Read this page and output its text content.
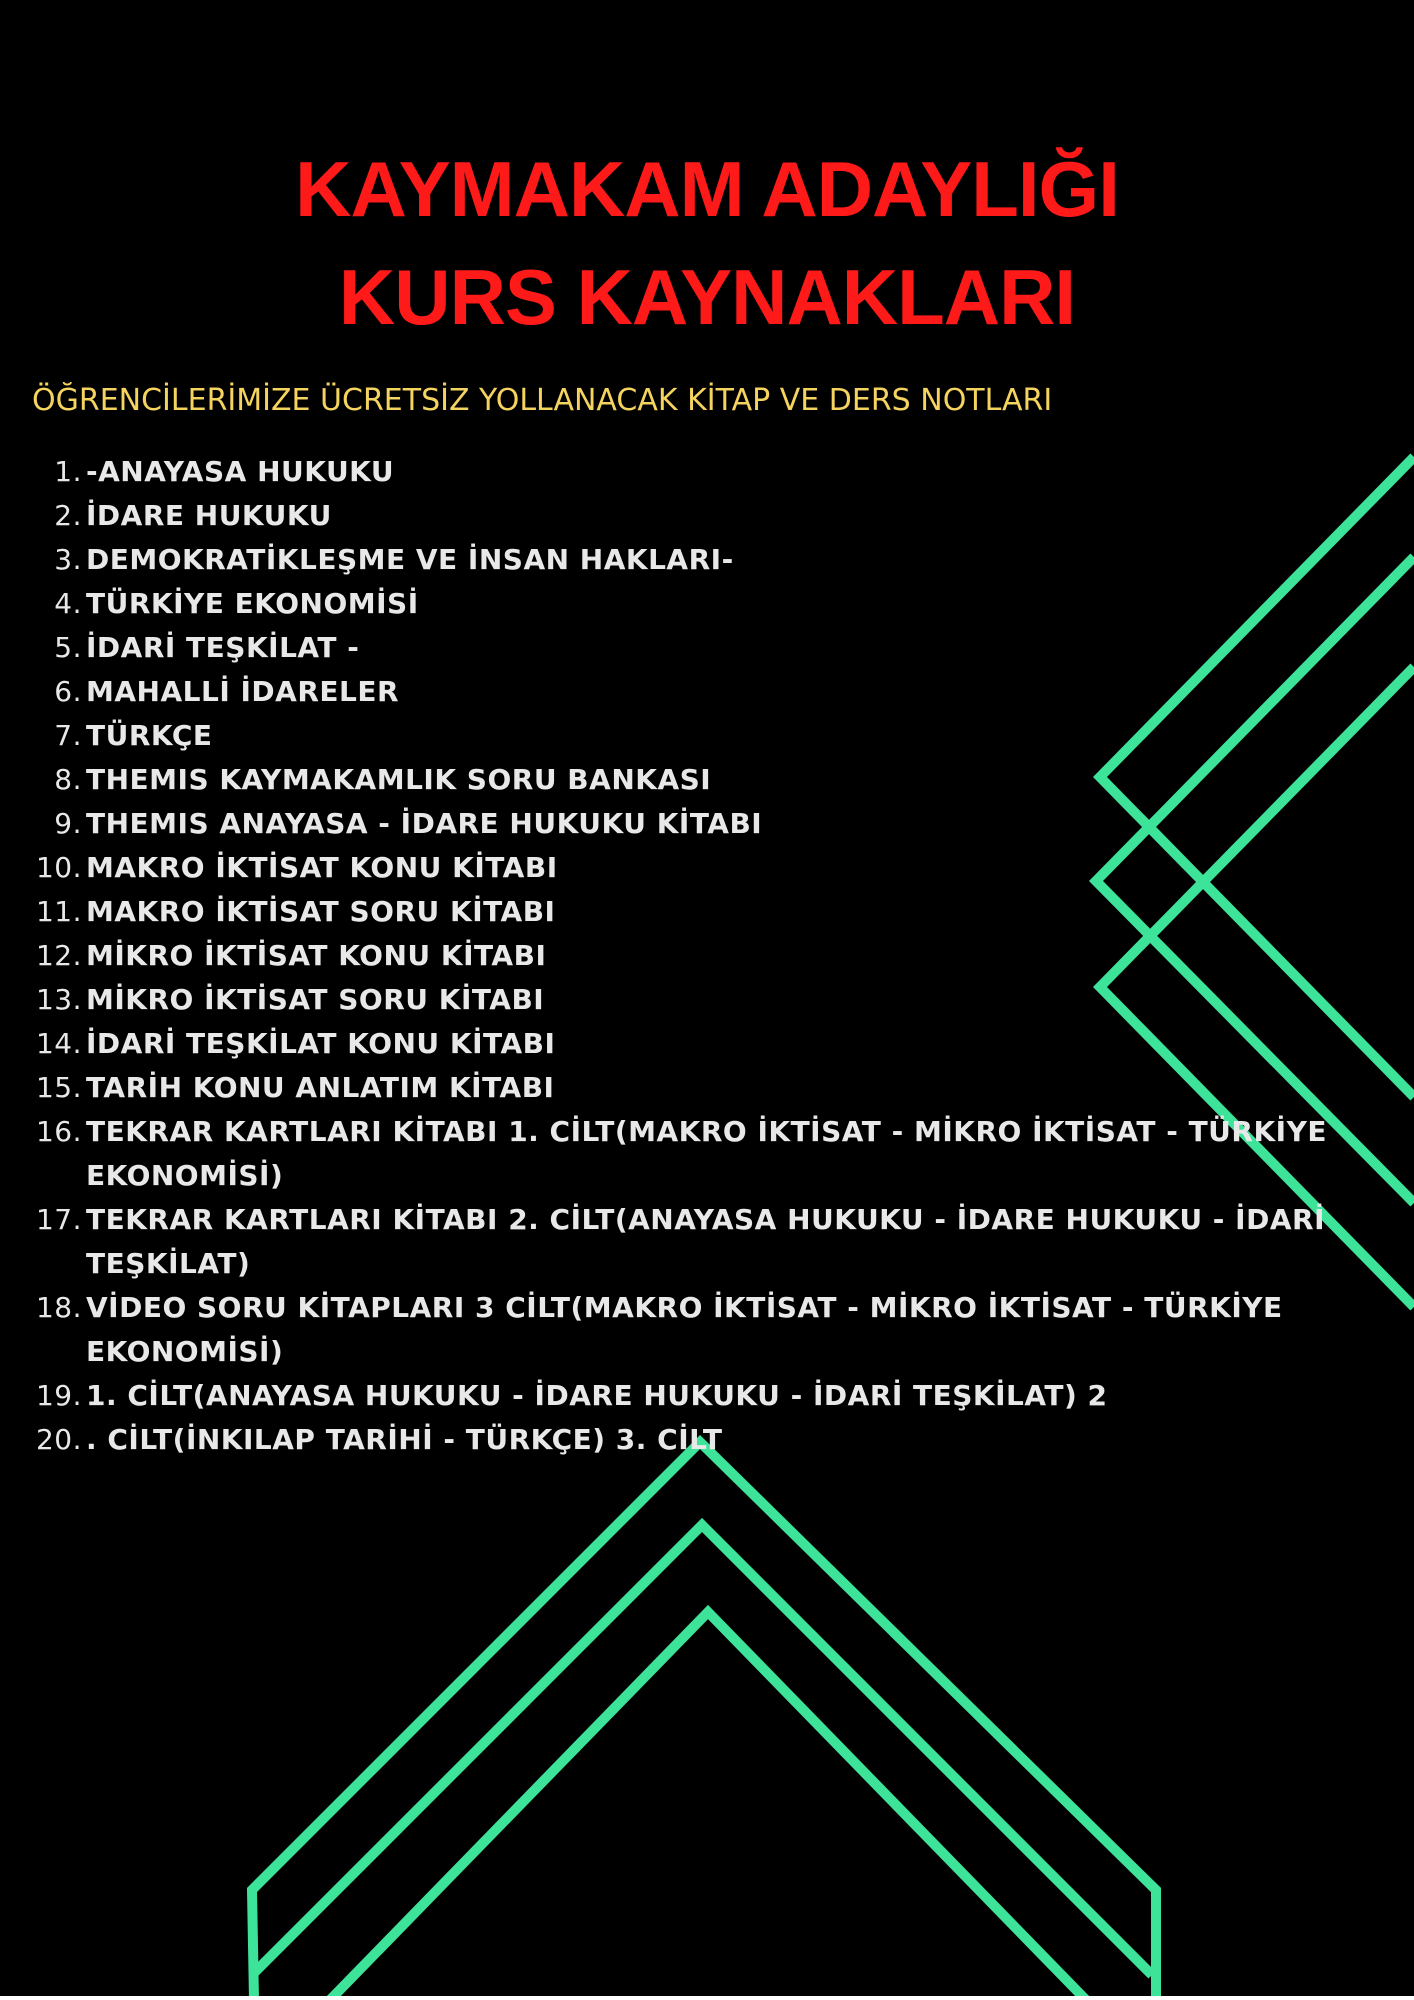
KAYMAKAM ADAYLIĞI
KURS KAYNAKLARI

ÖĞRENCİLERİMİZE ÜCRETSİZ YOLLANACAK KİTAP VE DERS NOTLARI

1. -ANAYASA HUKUKU
2. İDARE HUKUKU
3. DEMOKRATİKLEŞME VE İNSAN HAKLARI-
4. TÜRKİYE EKONOMİSİ
5. İDARİ TEŞKİLAT -
6. MAHALLİ İDARELER
7. TÜRKÇE
8. THEMIS KAYMAKAMLIK SORU BANKASI
9. THEMIS ANAYASA - İDARE HUKUKU KİTABI
10. MAKRO İKTİSAT KONU KİTABI
11. MAKRO İKTİSAT SORU KİTABI
12. MİKRO İKTİSAT KONU KİTABI
13. MİKRO İKTİSAT SORU KİTABI
14. İDARİ TEŞKİLAT KONU KİTABI
15. TARİH KONU ANLATIM KİTABI
16. TEKRAR KARTLARI KİTABI 1. CİLT(MAKRO İKTİSAT - MİKRO İKTİSAT - TÜRKİYE EKONOMİSİ)
17. TEKRAR KARTLARI KİTABI 2. CİLT(ANAYASA HUKUKU - İDARE HUKUKU - İDARİ TEŞKİLAT)
18. VİDEO SORU KİTAPLARI 3 CİLT(MAKRO İKTİSAT - MİKRO İKTİSAT - TÜRKİYE EKONOMİSİ)
19. 1. CİLT(ANAYASA HUKUKU - İDARE HUKUKU - İDARİ TEŞKİLAT) 2
20. . CİLT(İNKILAP TARİHİ - TÜRKÇE) 3. CİLT
